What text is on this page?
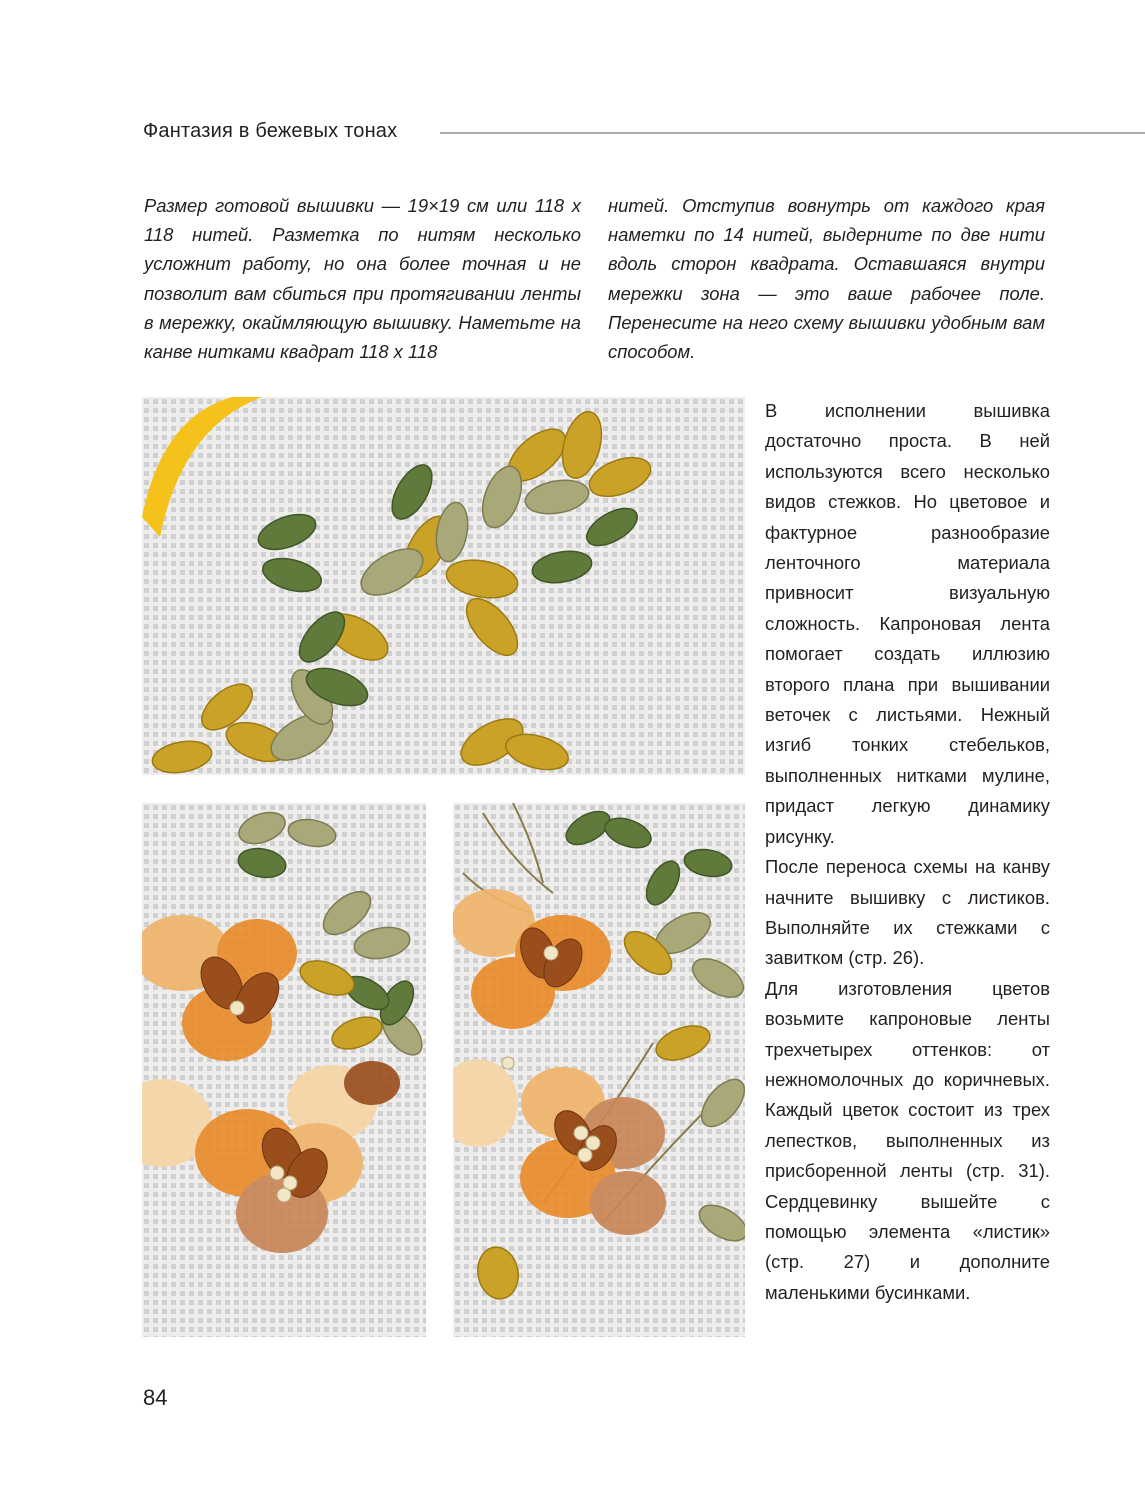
Фантазия в бежевых тонах

Размер готовой вышивки — 19×19 см или 118 х 118 нитей. Разметка по нитям несколько усложнит работу, но она более точная и не позволит вам сбиться при протягивании ленты в мережку, окаймляющую вышивку. Наметьте на канве нитками квадрат 118 х 118

нитей. Отступив вовнутрь от каждого края наметки по 14 нитей, выдерните по две нити вдоль сторон квадрата. Оставшаяся внутри мережки зона — это ваше рабочее поле. Перенесите на него схему вышивки удобным вам способом.

В исполнении вышивка достаточно проста. В ней используются всего несколько видов стежков. Но цветовое и фактурное разнообразие ленточного материала привносит визуальную сложность. Капроновая лента помогает создать иллюзию второго плана при вышивании веточек с листьями. Нежный изгиб тонких стебельков, выполненных нитками мулине, придаст легкую динамику рисунку.

После переноса схемы на канву начните вышивку с листиков. Выполняйте их стежками с завитком (стр. 26).

Для изготовления цветов возьмите капроновые ленты трехчетырех оттенков: от нежномолочных до коричневых. Каждый цветок состоит из трех лепестков, выполненных из присборенной ленты (стр. 31). Сердцевинку вышейте с помощью элемента «листик» (стр. 27) и дополните маленькими бусинками.

84
